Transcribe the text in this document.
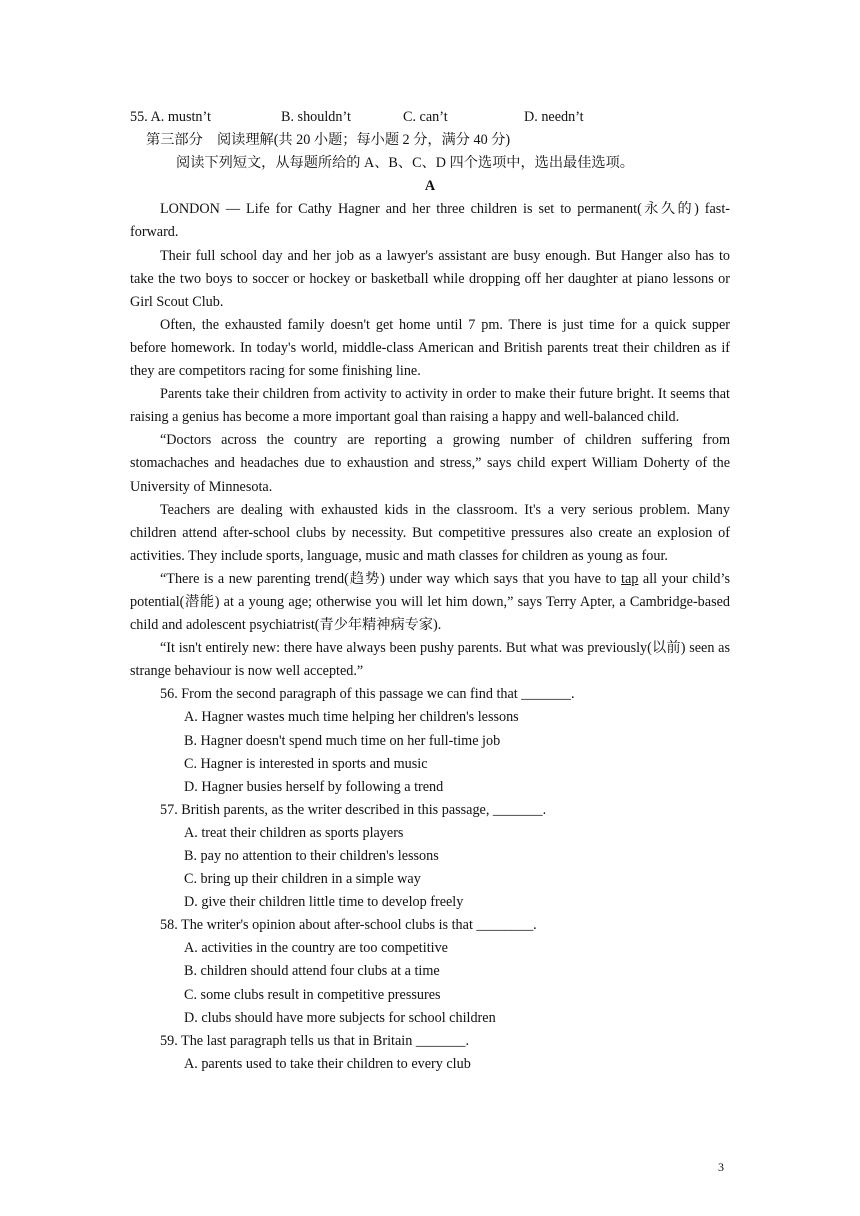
55. A. mustn’t	B. shouldn’t	C. can’t	D. needn’t
第三部分　阅读理解(共 20 小题；每小题 2 分，满分 40 分)
阅读下列短文，从每题所给的 A、B、C、D 四个选项中，选出最佳选项。
A
LONDON — Life for Cathy Hagner and her three children is set to permanent(永久的) fast-forward.
Their full school day and her job as a lawyer's assistant are busy enough. But Hanger also has to take the two boys to soccer or hockey or basketball while dropping off her daughter at piano lessons or Girl Scout Club.
Often, the exhausted family doesn't get home until 7 pm. There is just time for a quick supper before homework. In today's world, middle-class American and British parents treat their children as if they are competitors racing for some finishing line.
Parents take their children from activity to activity in order to make their future bright. It seems that raising a genius has become a more important goal than raising a happy and well-balanced child.
“Doctors across the country are reporting a growing number of children suffering from stomachaches and headaches due to exhaustion and stress,” says child expert William Doherty of the University of Minnesota.
Teachers are dealing with exhausted kids in the classroom. It's a very serious problem. Many children attend after-school clubs by necessity. But competitive pressures also create an explosion of activities. They include sports, language, music and math classes for children as young as four.
“There is a new parenting trend(趋势) under way which says that you have to tap all your child’s potential(潜能) at a young age; otherwise you will let him down,” says Terry Apter, a Cambridge-based child and adolescent psychiatrist(青少年精神病专家).
“It isn't entirely new: there have always been pushy parents. But what was previously(以前) seen as strange behaviour is now well accepted.”
56. From the second paragraph of this passage we can find that _______.
A. Hagner wastes much time helping her children's lessons
B. Hagner doesn't spend much time on her full-time job
C. Hagner is interested in sports and music
D. Hagner busies herself by following a trend
57. British parents, as the writer described in this passage, _______.
A. treat their children as sports players
B. pay no attention to their children's lessons
C. bring up their children in a simple way
D. give their children little time to develop freely
58. The writer's opinion about after-school clubs is that ________.
A. activities in the country are too competitive
B. children should attend four clubs at a time
C. some clubs result in competitive pressures
D. clubs should have more subjects for school children
59. The last paragraph tells us that in Britain _______.
A. parents used to take their children to every club
3
